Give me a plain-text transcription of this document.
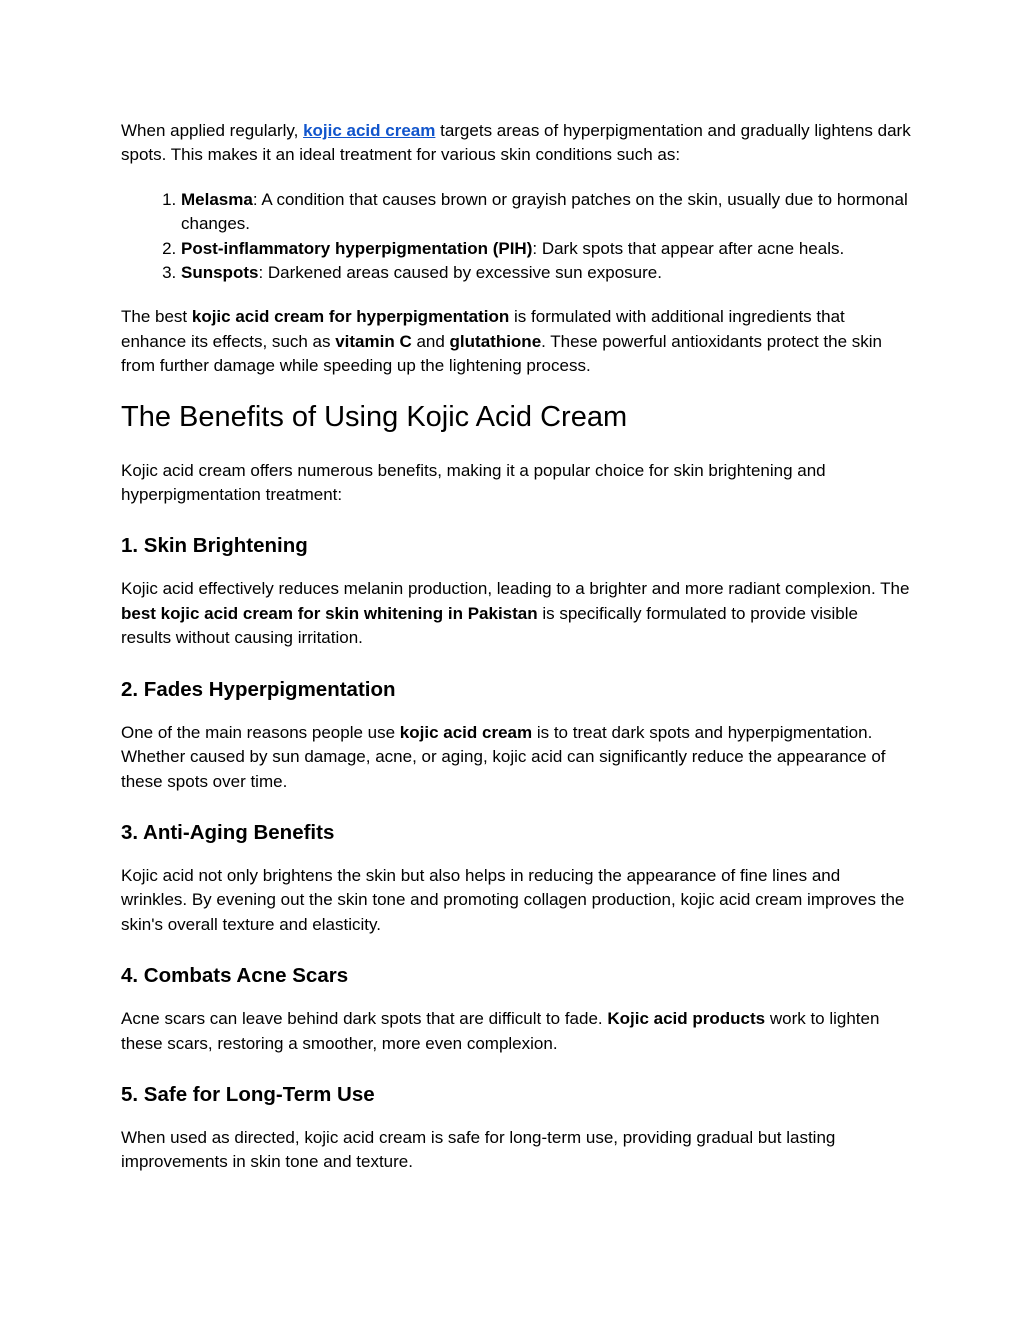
When applied regularly, kojic acid cream targets areas of hyperpigmentation and gradually lightens dark spots. This makes it an ideal treatment for various skin conditions such as:

1. Melasma: A condition that causes brown or grayish patches on the skin, usually due to hormonal changes.
2. Post-inflammatory hyperpigmentation (PIH): Dark spots that appear after acne heals.
3. Sunspots: Darkened areas caused by excessive sun exposure.

The best kojic acid cream for hyperpigmentation is formulated with additional ingredients that enhance its effects, such as vitamin C and glutathione. These powerful antioxidants protect the skin from further damage while speeding up the lightening process.

The Benefits of Using Kojic Acid Cream

Kojic acid cream offers numerous benefits, making it a popular choice for skin brightening and hyperpigmentation treatment:

1. Skin Brightening

Kojic acid effectively reduces melanin production, leading to a brighter and more radiant complexion. The best kojic acid cream for skin whitening in Pakistan is specifically formulated to provide visible results without causing irritation.

2. Fades Hyperpigmentation

One of the main reasons people use kojic acid cream is to treat dark spots and hyperpigmentation. Whether caused by sun damage, acne, or aging, kojic acid can significantly reduce the appearance of these spots over time.

3. Anti-Aging Benefits

Kojic acid not only brightens the skin but also helps in reducing the appearance of fine lines and wrinkles. By evening out the skin tone and promoting collagen production, kojic acid cream improves the skin's overall texture and elasticity.

4. Combats Acne Scars

Acne scars can leave behind dark spots that are difficult to fade. Kojic acid products work to lighten these scars, restoring a smoother, more even complexion.

5. Safe for Long-Term Use

When used as directed, kojic acid cream is safe for long-term use, providing gradual but lasting improvements in skin tone and texture.
